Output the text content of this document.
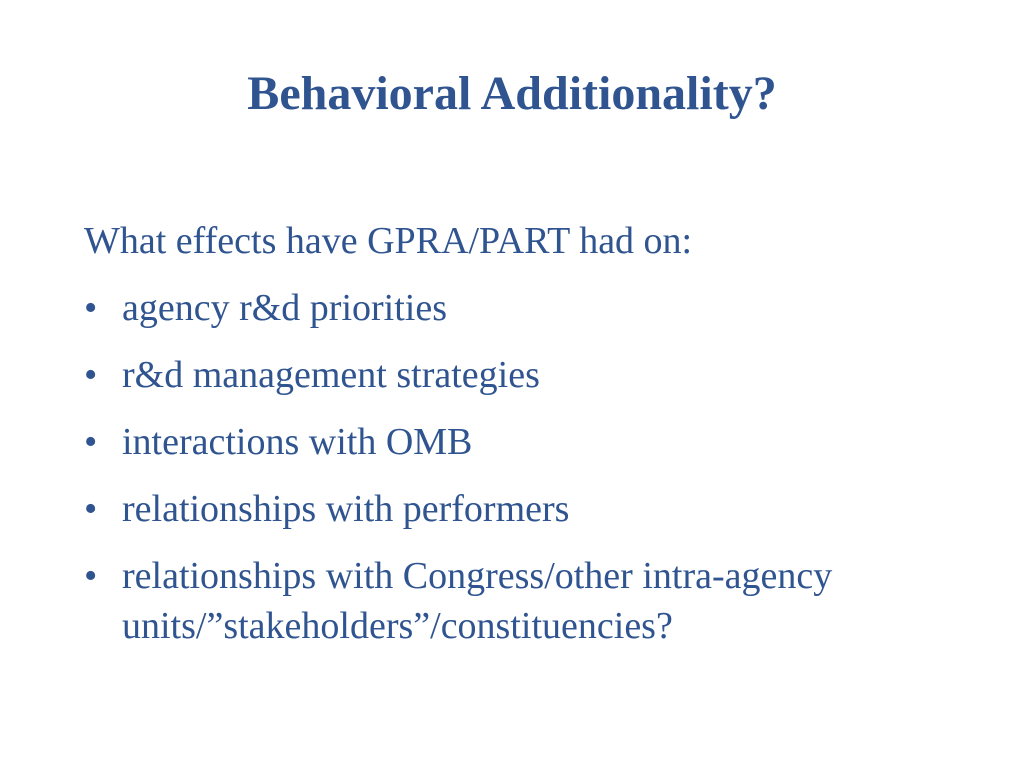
Behavioral Additionality?

What effects have GPRA/PART had on:

• agency r&d priorities
• r&d management strategies
• interactions with OMB
• relationships with performers
• relationships with Congress/other intra-agency units/”stakeholders”/constituencies?
